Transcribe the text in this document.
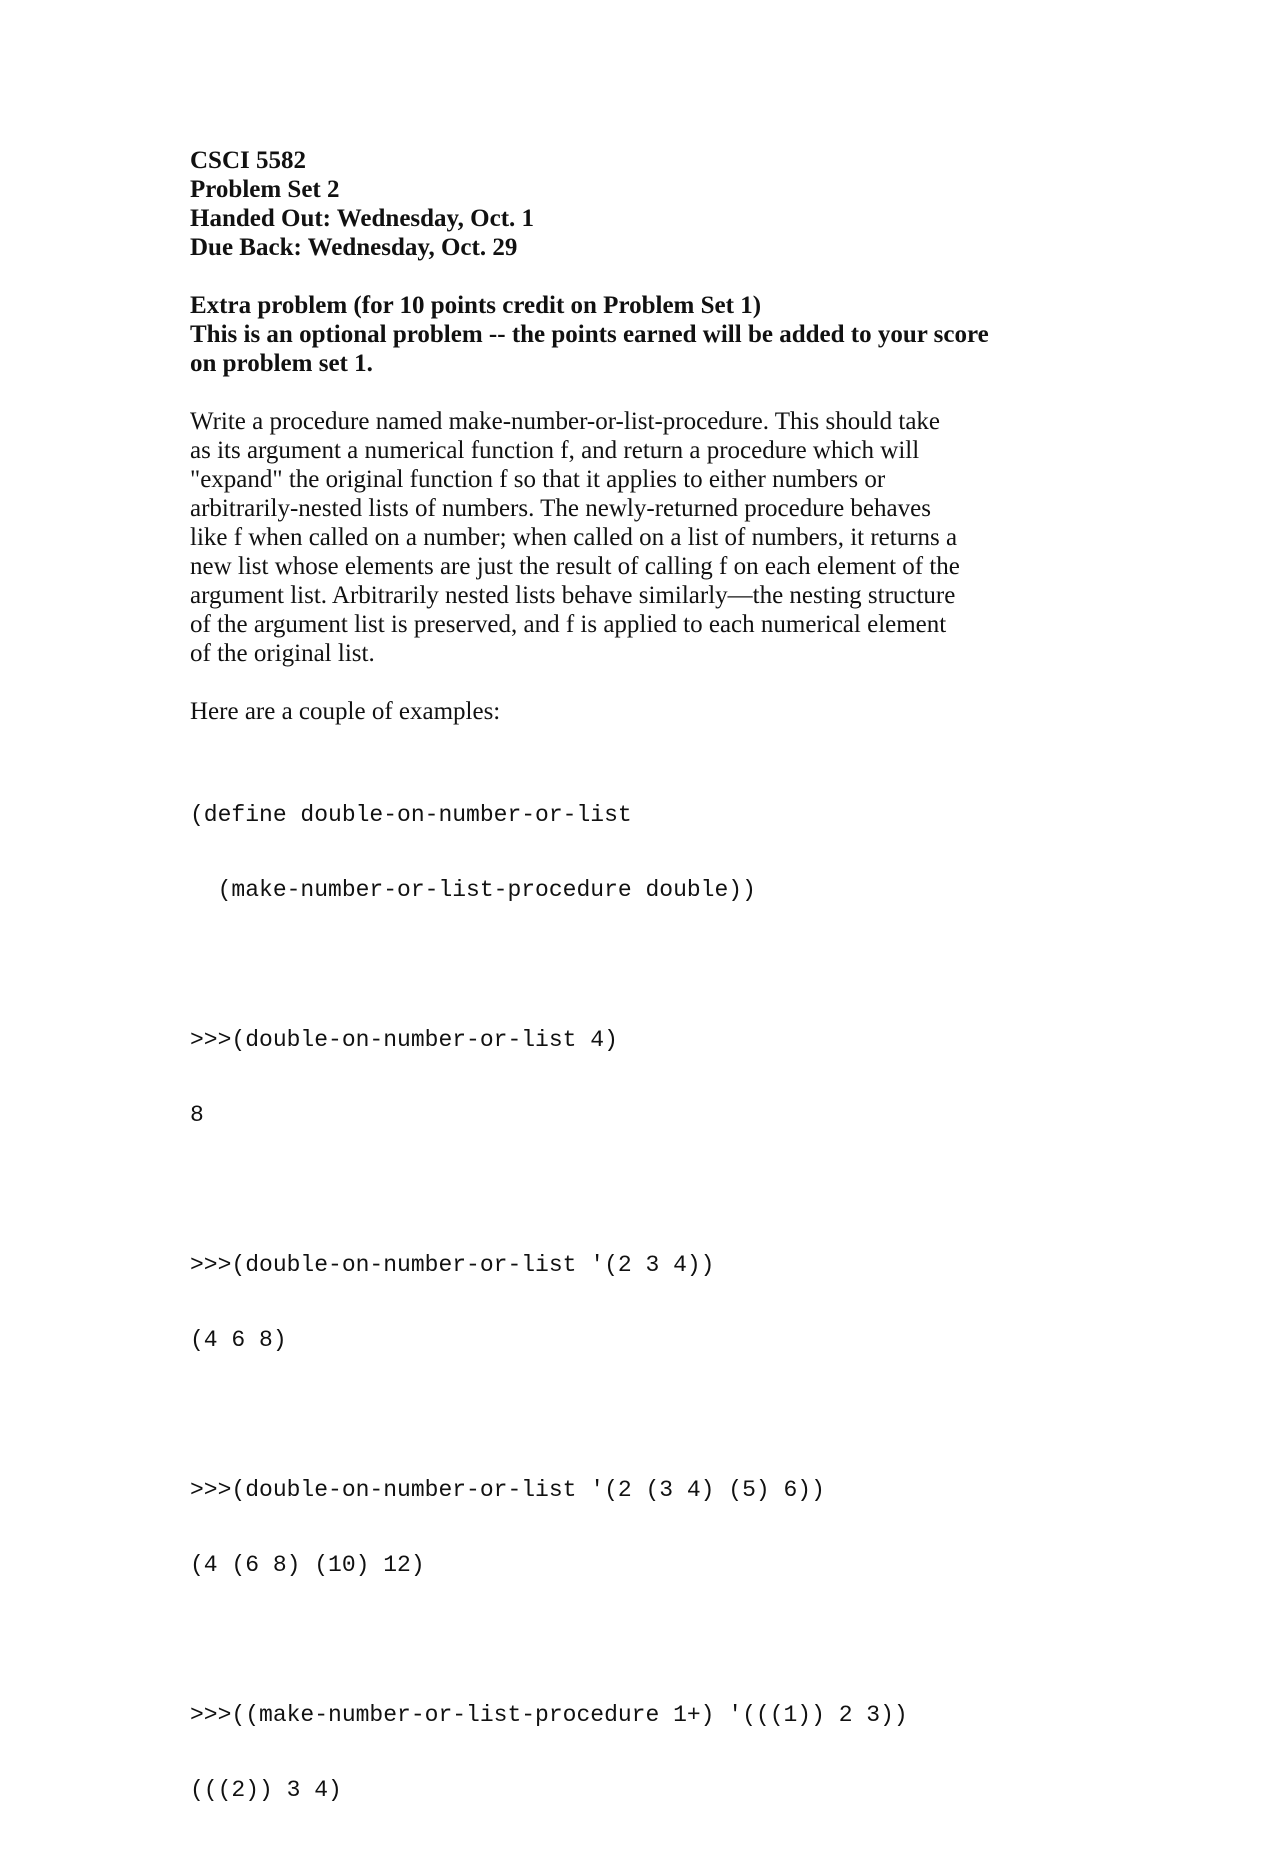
CSCI 5582
Problem Set 2
Handed Out: Wednesday, Oct. 1
Due Back: Wednesday, Oct. 29
Extra problem (for 10 points credit on Problem Set 1)
This is an optional problem -- the points earned will be added to your score
on problem set 1.
Write a procedure named make-number-or-list-procedure. This should take
as its argument a numerical function f, and return a procedure which will
"expand" the original function f so that it applies to either numbers or
arbitrarily-nested lists of numbers. The newly-returned procedure behaves
like f when called on a number; when called on a list of numbers, it returns a
new list whose elements are just the result of calling f on each element of the
argument list. Arbitrarily nested lists behave similarly—the nesting structure
of the argument list is preserved, and f is applied to each numerical element
of the original list.

Here are a couple of examples:

(define double-on-number-or-list

(make-number-or-list-procedure double))

>>>(double-on-number-or-list 4)

8

>>>(double-on-number-or-list '(2 3 4))

(4 6 8)

>>>(double-on-number-or-list '(2 (3 4) (5) 6))

(4 (6 8) (10) 12)

>>>((make-number-or-list-procedure 1+) '(((1)) 2 3))

(((2)) 3 4)
